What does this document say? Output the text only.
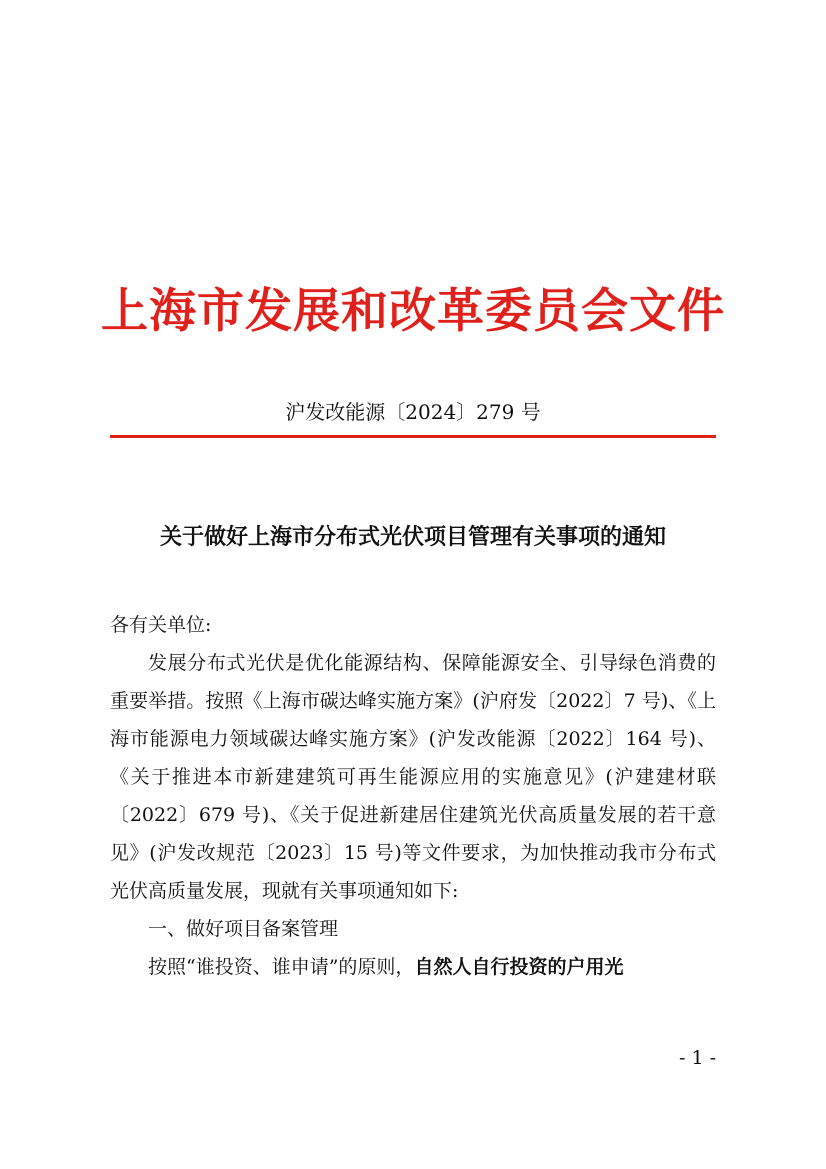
上海市发展和改革委员会文件
沪发改能源〔2024〕279 号
关于做好上海市分布式光伏项目管理有关事项的通知

各有关单位:

发展分布式光伏是优化能源结构、保障能源安全、引导绿色消费的重要举措。按照《上海市碳达峰实施方案》(沪府发〔2022〕7 号)、《上海市能源电力领域碳达峰实施方案》(沪发改能源〔2022〕164 号)、《关于推进本市新建建筑可再生能源应用的实施意见》(沪建建材联〔2022〕679 号)、《关于促进新建居住建筑光伏高质量发展的若干意见》(沪发改规范〔2023〕15 号)等文件要求，为加快推动我市分布式光伏高质量发展，现就有关事项通知如下:

一、做好项目备案管理

按照“谁投资、谁申请”的原则，自然人自行投资的户用光

- 1 -
